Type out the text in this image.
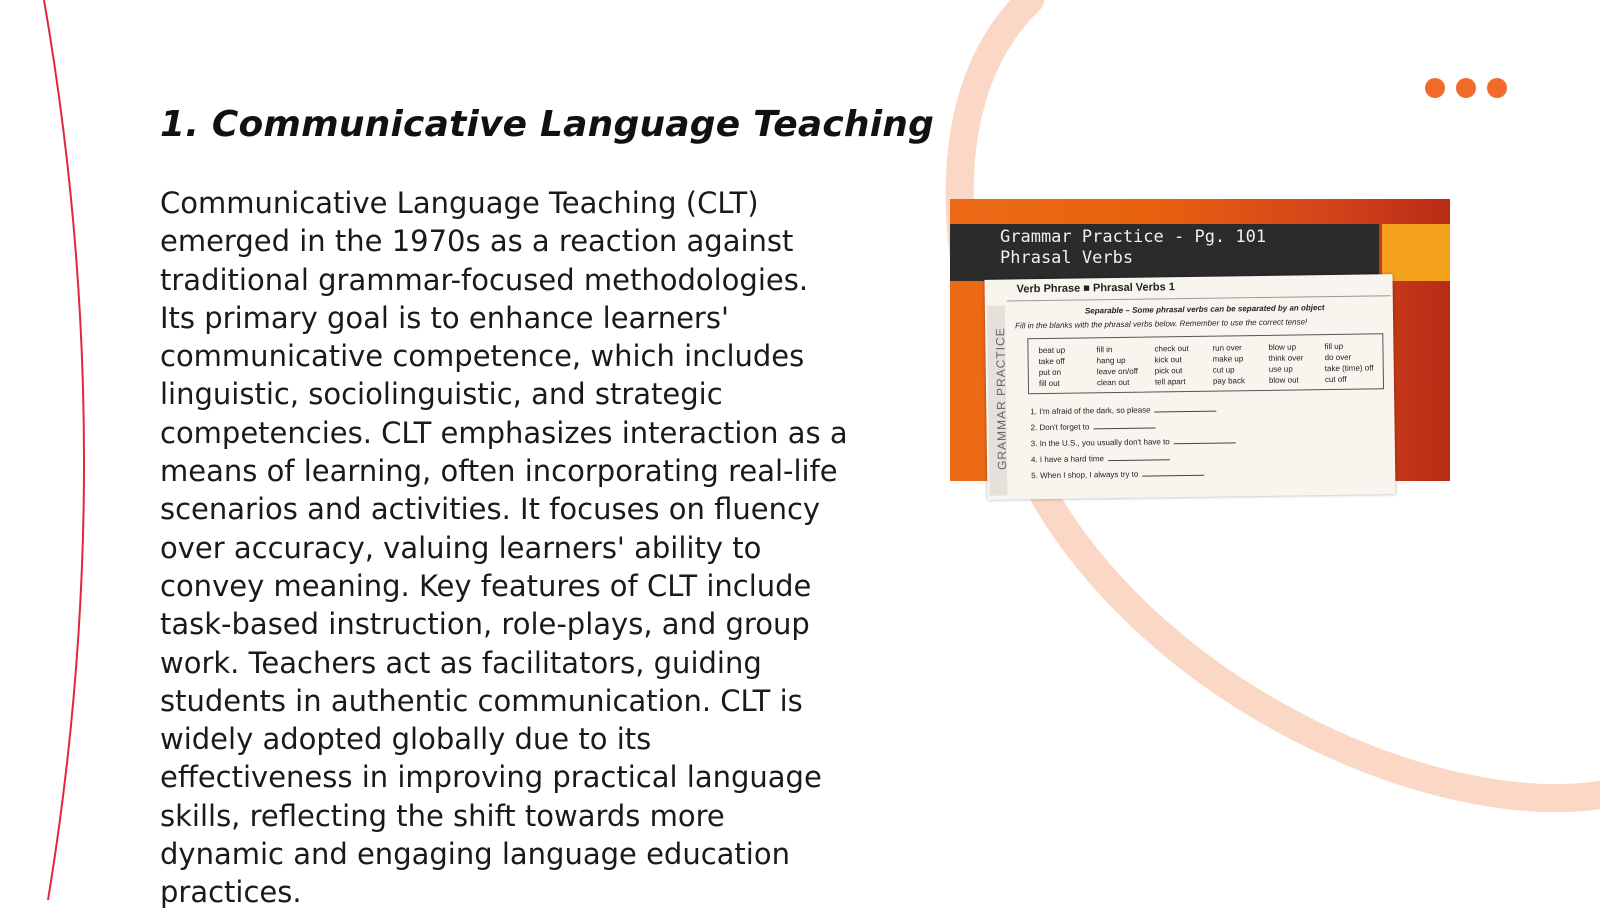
1. Communicative Language Teaching

Communicative Language Teaching (CLT) emerged in the 1970s as a reaction against traditional grammar-focused methodologies. Its primary goal is to enhance learners' communicative competence, which includes linguistic, sociolinguistic, and strategic competencies. CLT emphasizes interaction as a means of learning, often incorporating real-life scenarios and activities. It focuses on fluency over accuracy, valuing learners' ability to convey meaning. Key features of CLT include task-based instruction, role-plays, and group work. Teachers act as facilitators, guiding students in authentic communication. CLT is widely adopted globally due to its effectiveness in improving practical language skills, reflecting the shift towards more dynamic and engaging language education practices.

Grammar Practice - Pg. 101
Phrasal Verbs
GRAMMAR PRACTICE
Verb Phrase ■ Phrasal Verbs 1
Separable – Some phrasal verbs can be separated by an object
Fill in the blanks with the phrasal verbs below. Remember to use the correct tense!
beat up
take off
put on
fill out
fill in
hang up
leave on/off
clean out
check out
kick out
pick out
tell apart
run over
make up
cut up
pay back
blow up
think over
use up
blow out
fill up
do over
take (time) off
cut off
1. I'm afraid of the dark, so please
2. Don't forget to
3. In the U.S., you usually don't have to
4. I have a hard time
5. When I shop, I always try to
